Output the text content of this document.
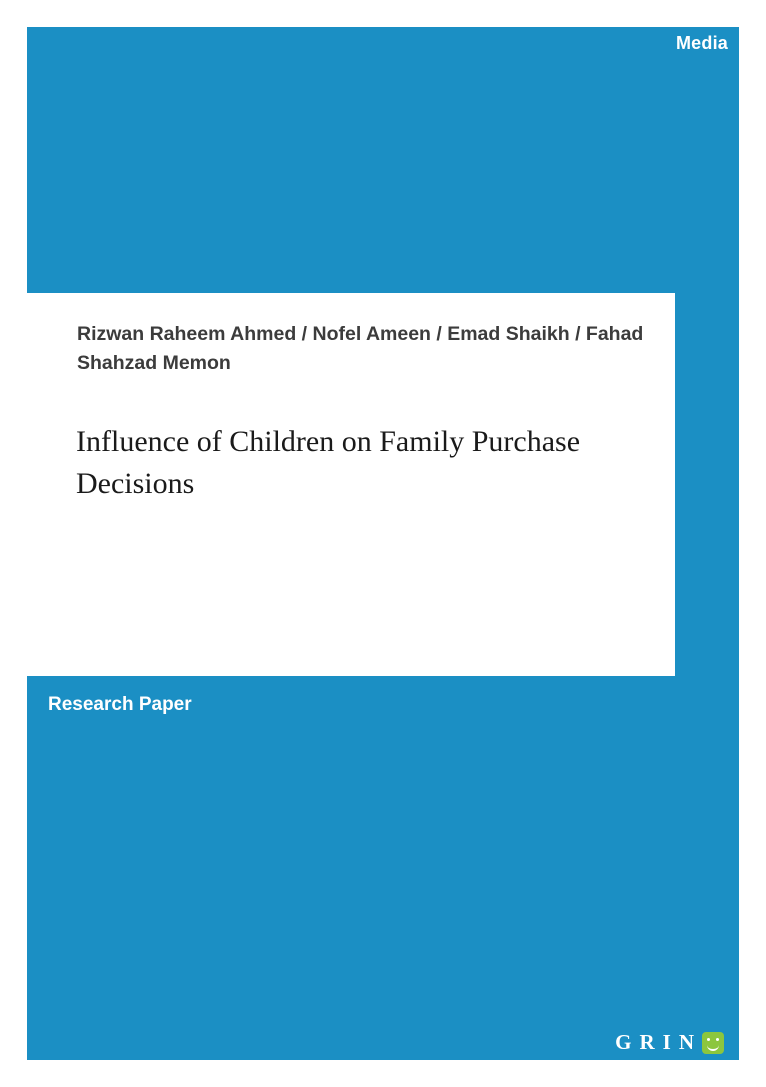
Media
Rizwan Raheem Ahmed / Nofel Ameen / Emad Shaikh / Fahad Shahzad Memon
Influence of Children on Family Purchase Decisions
Research Paper
G R I N
